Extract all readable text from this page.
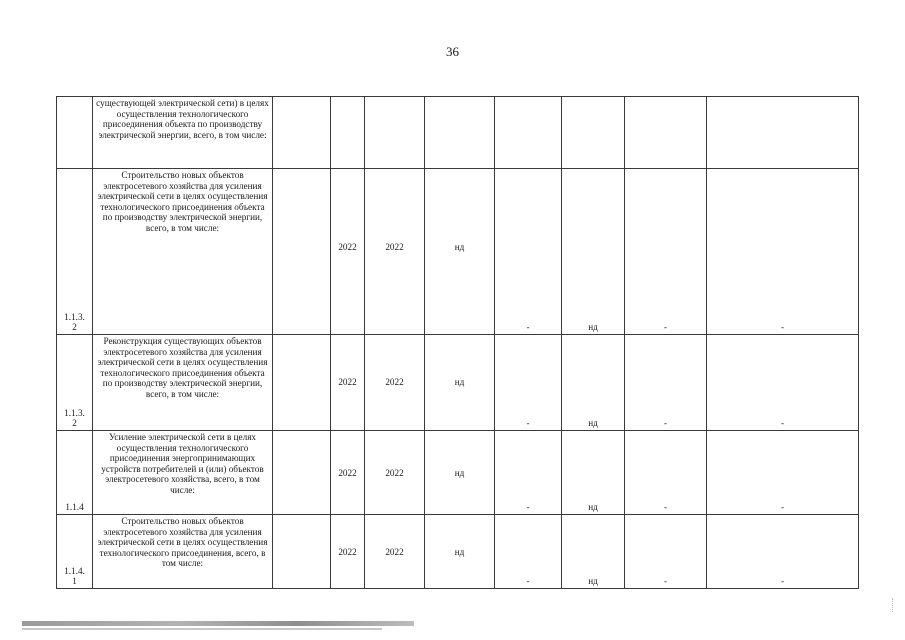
36
	существующей электрической сети) в целях осуществления технологического присоединения объекта по производству электрической энергии, всего, в том числе:								
1.1.3.
2	Строительство новых объектов электросетевого хозяйства для усиления электрической сети в целях осуществления технологического присоединения объекта по производству электрической энергии, всего, в том числе:		2022	2022	нд	-	нд	-	-

1.1.3.
2	Реконструкция существующих объектов электросетевого хозяйства для усиления электрической сети в целях осуществления технологического присоединения объекта по производству электрической энергии, всего, в том числе:		2022	2022	нд	-	нд	-	-

1.1.4	Усиление электрической сети в целях осуществления технологического присоединения энергопринимающих устройств потребителей и (или) объектов электросетевого хозяйства, всего, в том числе:		2022	2022	нд	-	нд	-	-

1.1.4.
1	Строительство новых объектов электросетевого хозяйства для усиления электрической сети в целях осуществления технологического присоединения, всего, в том числе:		2022	2022	нд	-	нд	-	-
